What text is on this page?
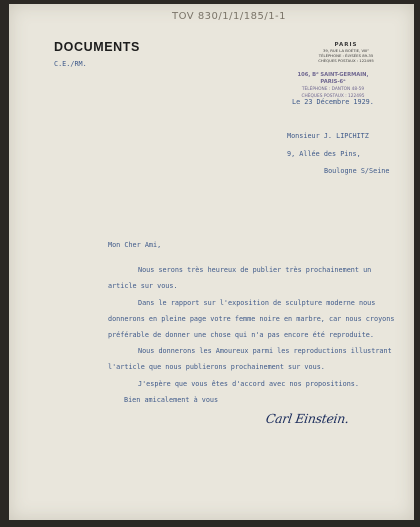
TOV 830/1/1/185/1-1
DOCUMENTS
C.E./RM.
PARIS
39, RUE LA BOÉTIE, VIIIᵉ
TÉLÉPHONE : ÉLYSÉES 89-35
CHÈQUES POSTAUX : 122495
106, Bᵈ SAINT-GERMAIN, PARIS-6ᵉ
TÉLÉPHONE : DANTON 48-59
CHÈQUES POSTAUX : 122495
Le 23 Décembre 1929.
Monsieur J. LIPCHITZ
9, Allée des Pins,
Boulogne S/Seine
Mon Cher Ami,
Nous serons très heureux de publier très prochainement un
article sur vous.
Dans le rapport sur l'exposition de sculpture moderne nous
donnerons en pleine page votre femme noire en marbre, car nous croyons
préférable de donner une chose qui n'a pas encore été reproduite.
Nous donnerons les Amoureux parmi les reproductions illustrant
l'article que nous publierons prochainement sur vous.
J'espère que vous êtes d'accord avec nos propositions.
Bien amicalement à vous
Carl Einstein.
